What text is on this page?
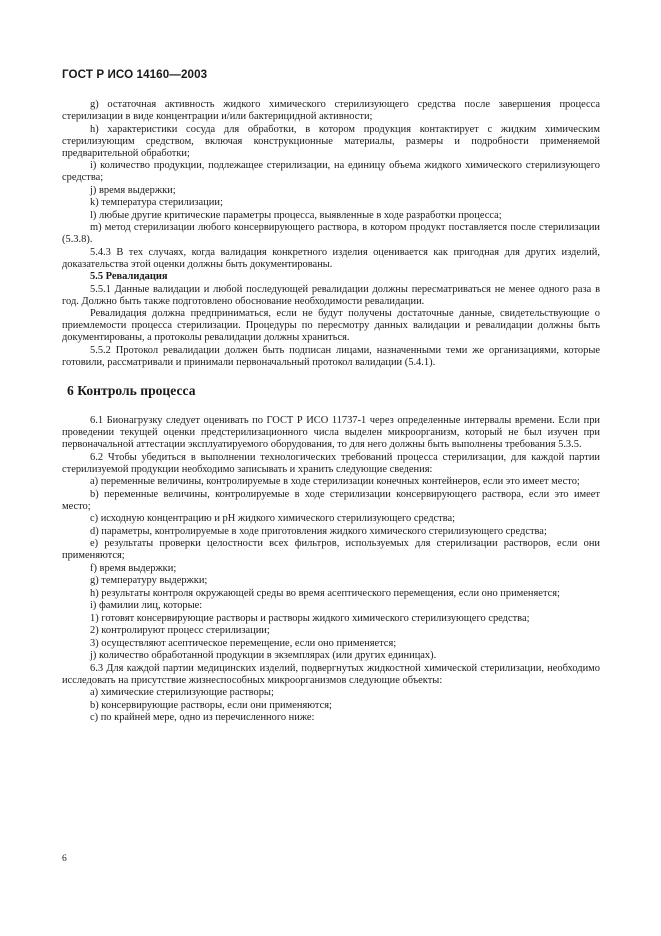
ГОСТ Р ИСО 14160—2003

g) остаточная активность жидкого химического стерилизующего средства после завершения процесса стерилизации в виде концентрации и/или бактерицидной активности;

h) характеристики сосуда для обработки, в котором продукция контактирует с жидким химическим стерилизующим средством, включая конструкционные материалы, размеры и подробности применяемой предварительной обработки;

i) количество продукции, подлежащее стерилизации, на единицу объема жидкого химического стерилизующего средства;

j) время выдержки;

k) температура стерилизации;

l) любые другие критические параметры процесса, выявленные в ходе разработки процесса;

m) метод стерилизации любого консервирующего раствора, в котором продукт поставляется после стерилизации (5.3.8).

5.4.3 В тех случаях, когда валидация конкретного изделия оценивается как пригодная для других изделий, доказательства этой оценки должны быть документированы.

5.5 Ревалидация

5.5.1 Данные валидации и любой последующей ревалидации должны пересматриваться не менее одного раза в год. Должно быть также подготовлено обоснование необходимости ревалидации.

Ревалидация должна предприниматься, если не будут получены достаточные данные, свидетельствующие о приемлемости процесса стерилизации. Процедуры по пересмотру данных валидации и ревалидации должны быть документированы, а протоколы ревалидации должны храниться.

5.5.2 Протокол ревалидации должен быть подписан лицами, назначенными теми же организациями, которые готовили, рассматривали и принимали первоначальный протокол валидации (5.4.1).

6 Контроль процесса

6.1 Бионагрузку следует оценивать по ГОСТ Р ИСО 11737-1 через определенные интервалы времени. Если при проведении текущей оценки предстерилизационного числа выделен микроорганизм, который не был изучен при первоначальной аттестации эксплуатируемого оборудования, то для него должны быть выполнены требования 5.3.5.

6.2 Чтобы убедиться в выполнении технологических требований процесса стерилизации, для каждой партии стерилизуемой продукции необходимо записывать и хранить следующие сведения:

a) переменные величины, контролируемые в ходе стерилизации конечных контейнеров, если это имеет место;

b) переменные величины, контролируемые в ходе стерилизации консервирующего раствора, если это имеет место;

c) исходную концентрацию и pH жидкого химического стерилизующего средства;

d) параметры, контролируемые в ходе приготовления жидкого химического стерилизующего средства;

e) результаты проверки целостности всех фильтров, используемых для стерилизации растворов, если они применяются;

f) время выдержки;

g) температуру выдержки;

h) результаты контроля окружающей среды во время асептического перемещения, если оно применяется;

i) фамилии лиц, которые:

1) готовят консервирующие растворы и растворы жидкого химического стерилизующего средства;

2) контролируют процесс стерилизации;

3) осуществляют асептическое перемещение, если оно применяется;

j) количество обработанной продукции в экземплярах (или других единицах).

6.3 Для каждой партии медицинских изделий, подвергнутых жидкостной химической стерилизации, необходимо исследовать на присутствие жизнеспособных микроорганизмов следующие объекты:

a) химические стерилизующие растворы;

b) консервирующие растворы, если они применяются;

c) по крайней мере, одно из перечисленного ниже:

6
